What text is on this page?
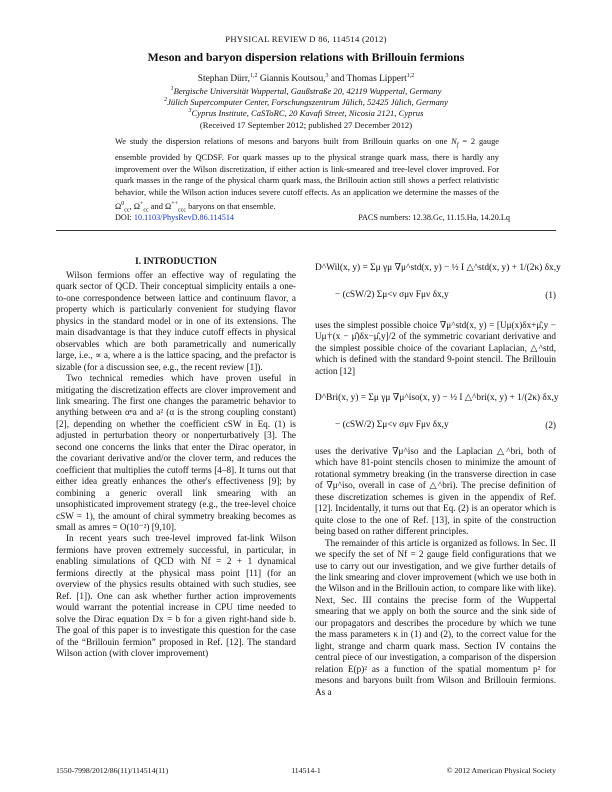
PHYSICAL REVIEW D 86, 114514 (2012)
Meson and baryon dispersion relations with Brillouin fermions
Stephan Dürr,$^{1,2}$ Giannis Koutsou,$^3$ and Thomas Lippert$^{1,2}$
$^1$Bergische Universität Wuppertal, Gaußstraße 20, 42119 Wuppertal, Germany
$^2$Jülich Supercomputer Center, Forschungszentrum Jülich, 52425 Jülich, Germany
$^3$Cyprus Institute, CaSToRC, 20 Kavafi Street, Nicosia 2121, Cyprus
(Received 17 September 2012; published 27 December 2012)
We study the dispersion relations of mesons and baryons built from Brillouin quarks on one $N_f = 2$ gauge ensemble provided by QCDSF. For quark masses up to the physical strange quark mass, there is hardly any improvement over the Wilson discretization, if either action is link-smeared and tree-level clover improved. For quark masses in the range of the physical charm quark mass, the Brillouin action still shows a perfect relativistic behavior, while the Wilson action induces severe cutoff effects. As an application we determine the masses of the $\Omega^0_{cc}$, $\Omega^+_{cc}$ and $\Omega^{++}_{ccc}$ baryons on that ensemble.
DOI: 10.1103/PhysRevD.86.114514	PACS numbers: 12.38.Gc, 11.15.Ha, 14.20.Lq
I. INTRODUCTION

Wilson fermions offer an effective way of regulating the quark sector of QCD. Their conceptual simplicity entails a one-to-one correspondence between lattice and continuum flavor, a property which is particularly convenient for studying flavor physics in the standard model or in one of its extensions. The main disadvantage is that they induce cutoff effects in physical observables which are both parametrically and numerically large, i.e., ∝ a, where a is the lattice spacing, and the prefactor is sizable (for a discussion see, e.g., the recent review [1]).

Two technical remedies which have proven useful in mitigating the discretization effects are clover improvement and link smearing. The first one changes the parametric behavior to anything between αⁿa and a² (α is the strong coupling constant) [2], depending on whether the coefficient cSW in Eq. (1) is adjusted in perturbation theory or nonperturbatively [3]. The second one concerns the links that enter the Dirac operator, in the covariant derivative and/or the clover term, and reduces the coefficient that multiplies the cutoff terms [4–8]. It turns out that either idea greatly enhances the other's effectiveness [9]; by combining a generic overall link smearing with an unsophisticated improvement strategy (e.g., the tree-level choice cSW = 1), the amount of chiral symmetry breaking becomes as small as amres = O(10⁻²) [9,10].

In recent years such tree-level improved fat-link Wilson fermions have proven extremely successful, in particular, in enabling simulations of QCD with Nf = 2 + 1 dynamical fermions directly at the physical mass point [11] (for an overview of the physics results obtained with such studies, see Ref. [1]). One can ask whether further action improvements would warrant the potential increase in CPU time needed to solve the Dirac equation Dx = b for a given right-hand side b. The goal of this paper is to investigate this question for the case of the “Brillouin fermion” proposed in Ref. [12]. The standard Wilson action (with clover improvement)

D^Wil(x, y) = Σμ γμ ∇μ^std(x, y) − ½ I △^std(x, y) + 1/(2κ) δx,y
− (cSW/2) Σμ<ν σμν Fμν δx,y	(1)

uses the simplest possible choice ∇μ^std(x, y) = [Uμ(x)δx+μ̂,y − Uμ†(x − μ̂)δx−μ̂,y]/2 of the symmetric covariant derivative and the simplest possible choice of the covariant Laplacian, △^std, which is defined with the standard 9-point stencil. The Brillouin action [12]

D^Bri(x, y) = Σμ γμ ∇μ^iso(x, y) − ½ I △^bri(x, y) + 1/(2κ) δx,y
− (cSW/2) Σμ<ν σμν Fμν δx,y	(2)

uses the derivative ∇μ^iso and the Laplacian △^bri, both of which have 81-point stencils chosen to minimize the amount of rotational symmetry breaking (in the transverse direction in case of ∇μ^iso, overall in case of △^bri). The precise definition of these discretization schemes is given in the appendix of Ref. [12]. Incidentally, it turns out that Eq. (2) is an operator which is quite close to the one of Ref. [13], in spite of the construction being based on rather different principles.

The remainder of this article is organized as follows. In Sec. II we specify the set of Nf = 2 gauge field configurations that we use to carry out our investigation, and we give further details of the link smearing and clover improvement (which we use both in the Wilson and in the Brillouin action, to compare like with like). Next, Sec. III contains the precise form of the Wuppertal smearing that we apply on both the source and the sink side of our propagators and describes the procedure by which we tune the mass parameters κ in (1) and (2), to the correct value for the light, strange and charm quark mass. Section IV contains the central piece of our investigation, a comparison of the dispersion relation E(p)² as a function of the spatial momentum p² for mesons and baryons built from Wilson and Brillouin fermions. As a

1550-7998/2012/86(11)/114514(11)	114514-1	© 2012 American Physical Society
